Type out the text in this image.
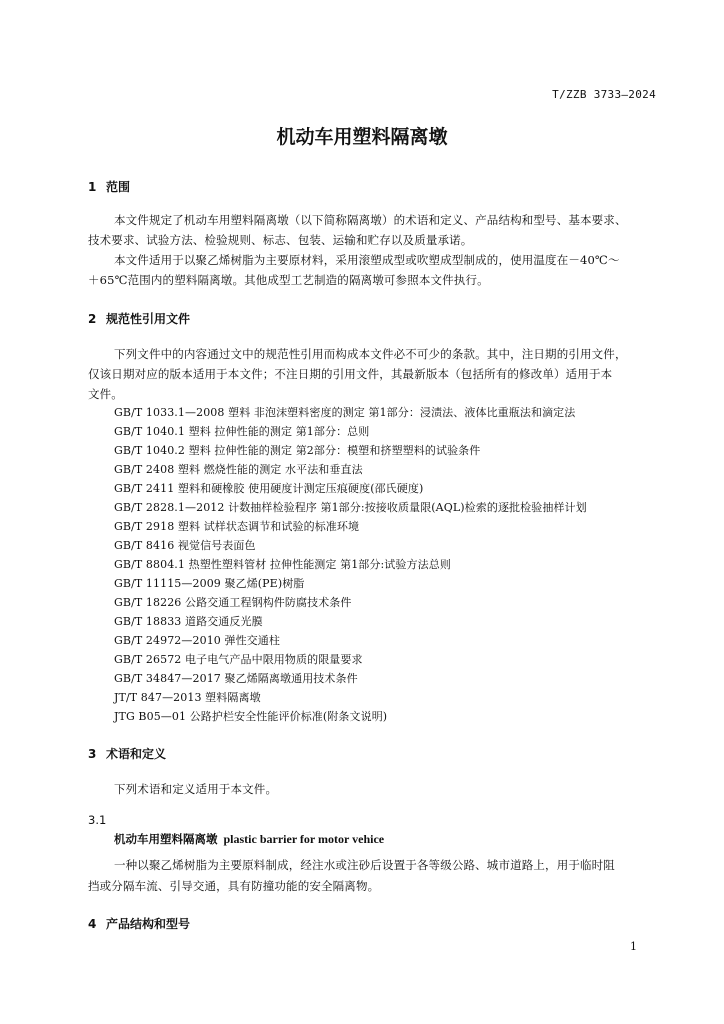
T/ZZB 3733—2024
机动车用塑料隔离墩
1 范围
本文件规定了机动车用塑料隔离墩（以下简称隔离墩）的术语和定义、产品结构和型号、基本要求、
技术要求、试验方法、检验规则、标志、包装、运输和贮存以及质量承诺。
本文件适用于以聚乙烯树脂为主要原材料，采用滚塑成型或吹塑成型制成的，使用温度在－40℃～
＋65℃范围内的塑料隔离墩。其他成型工艺制造的隔离墩可参照本文件执行。
2 规范性引用文件
下列文件中的内容通过文中的规范性引用而构成本文件必不可少的条款。其中，注日期的引用文件，
仅该日期对应的版本适用于本文件；不注日期的引用文件，其最新版本（包括所有的修改单）适用于本
文件。
GB/T 1033.1—2008 塑料 非泡沫塑料密度的测定 第1部分：浸渍法、液体比重瓶法和滴定法
GB/T 1040.1 塑料 拉伸性能的测定 第1部分：总则
GB/T 1040.2 塑料 拉伸性能的测定 第2部分：模塑和挤塑塑料的试验条件
GB/T 2408 塑料 燃烧性能的测定 水平法和垂直法
GB/T 2411 塑料和硬橡胶 使用硬度计测定压痕硬度(邵氏硬度)
GB/T 2828.1—2012 计数抽样检验程序 第1部分:按接收质量限(AQL)检索的逐批检验抽样计划
GB/T 2918 塑料 试样状态调节和试验的标准环境
GB/T 8416 视觉信号表面色
GB/T 8804.1 热塑性塑料管材 拉伸性能测定 第1部分:试验方法总则
GB/T 11115—2009 聚乙烯(PE)树脂
GB/T 18226 公路交通工程钢构件防腐技术条件
GB/T 18833 道路交通反光膜
GB/T 24972—2010 弹性交通柱
GB/T 26572 电子电气产品中限用物质的限量要求
GB/T 34847—2017 聚乙烯隔离墩通用技术条件
JT/T 847—2013 塑料隔离墩
JTG B05—01 公路护栏安全性能评价标准(附条文说明)
3 术语和定义
下列术语和定义适用于本文件。
3.1
机动车用塑料隔离墩 plastic barrier for motor vehice
一种以聚乙烯树脂为主要原料制成，经注水或注砂后设置于各等级公路、城市道路上，用于临时阻
挡或分隔车流、引导交通，具有防撞功能的安全隔离物。
4 产品结构和型号
1
